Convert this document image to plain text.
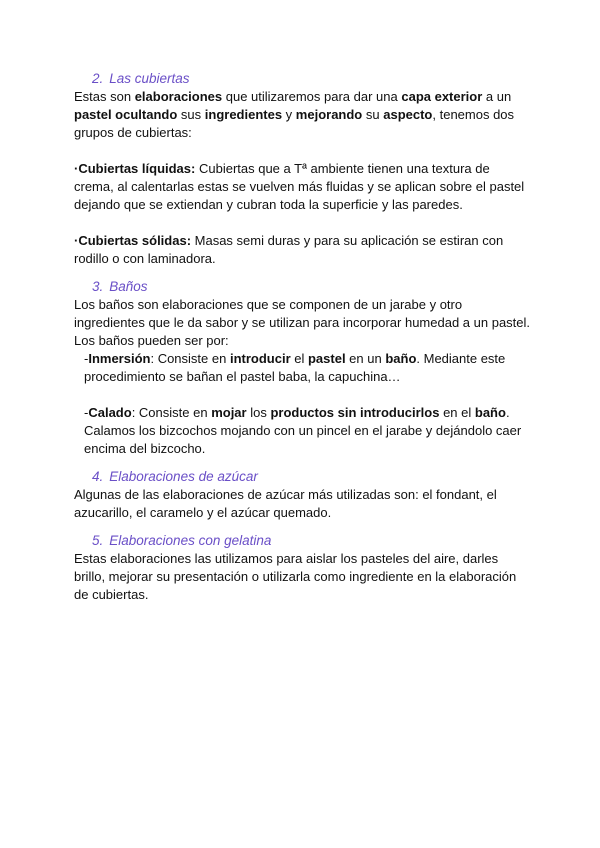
2. Las cubiertas

Estas son elaboraciones que utilizaremos para dar una capa exterior a un pastel ocultando sus ingredientes y mejorando su aspecto, tenemos dos grupos de cubiertas:

·Cubiertas líquidas: Cubiertas que a Tª ambiente tienen una textura de crema, al calentarlas estas se vuelven más fluidas y se aplican sobre el pastel dejando que se extiendan y cubran toda la superficie y las paredes.

·Cubiertas sólidas: Masas semi duras y para su aplicación se estiran con rodillo o con laminadora.

3. Baños

Los baños son elaboraciones que se componen de un jarabe y otro ingredientes que le da sabor y se utilizan para incorporar humedad a un pastel.

Los baños pueden ser por:

-Inmersión: Consiste en introducir el pastel en un baño. Mediante este procedimiento se bañan el pastel baba, la capuchina…

-Calado: Consiste en mojar los productos sin introducirlos en el baño. Calamos los bizcochos mojando con un pincel en el jarabe y dejándolo caer encima del bizcocho.

4. Elaboraciones de azúcar

Algunas de las elaboraciones de azúcar más utilizadas son: el fondant, el azucarillo, el caramelo y el azúcar quemado.

5. Elaboraciones con gelatina

Estas elaboraciones las utilizamos para aislar los pasteles del aire, darles brillo, mejorar su presentación o utilizarla como ingrediente en la elaboración de cubiertas.
